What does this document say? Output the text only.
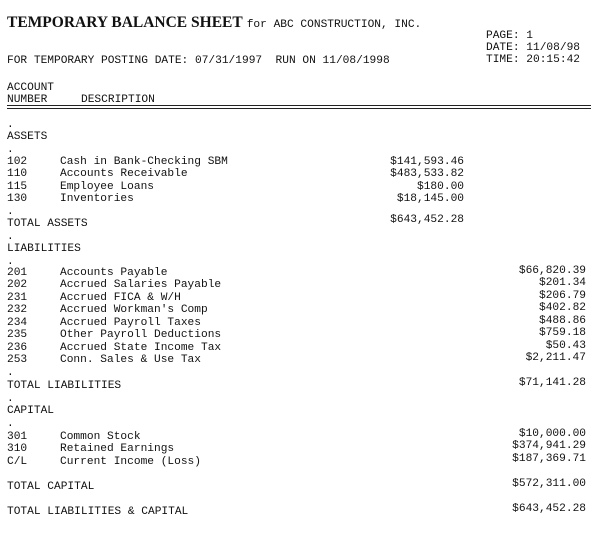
TEMPORARY BALANCE SHEET for ABC CONSTRUCTION, INC.
PAGE: 1
DATE: 11/08/98
TIME: 20:15:42
FOR TEMPORARY POSTING DATE: 07/31/1997  RUN ON 11/08/1998
ACCOUNT
NUMBER	DESCRIPTION
.
ASSETS
.
102	Cash in Bank-Checking SBM	$141,593.46
110	Accounts Receivable	$483,533.82
115	Employee Loans	$180.00
130	Inventories	$18,145.00
.
TOTAL ASSETS	$643,452.28
.
LIABILITIES
.
201	Accounts Payable	$66,820.39
202	Accrued Salaries Payable	$201.34
231	Accrued FICA & W/H	$206.79
232	Accrued Workman's Comp	$402.82
234	Accrued Payroll Taxes	$488.86
235	Other Payroll Deductions	$759.18
236	Accrued State Income Tax	$50.43
253	Conn. Sales & Use Tax	$2,211.47
.
TOTAL LIABILITIES	$71,141.28
.
CAPITAL
.
301	Common Stock	$10,000.00
310	Retained Earnings	$374,941.29
C/L	Current Income (Loss)	$187,369.71
TOTAL CAPITAL	$572,311.00
TOTAL LIABILITIES & CAPITAL	$643,452.28
